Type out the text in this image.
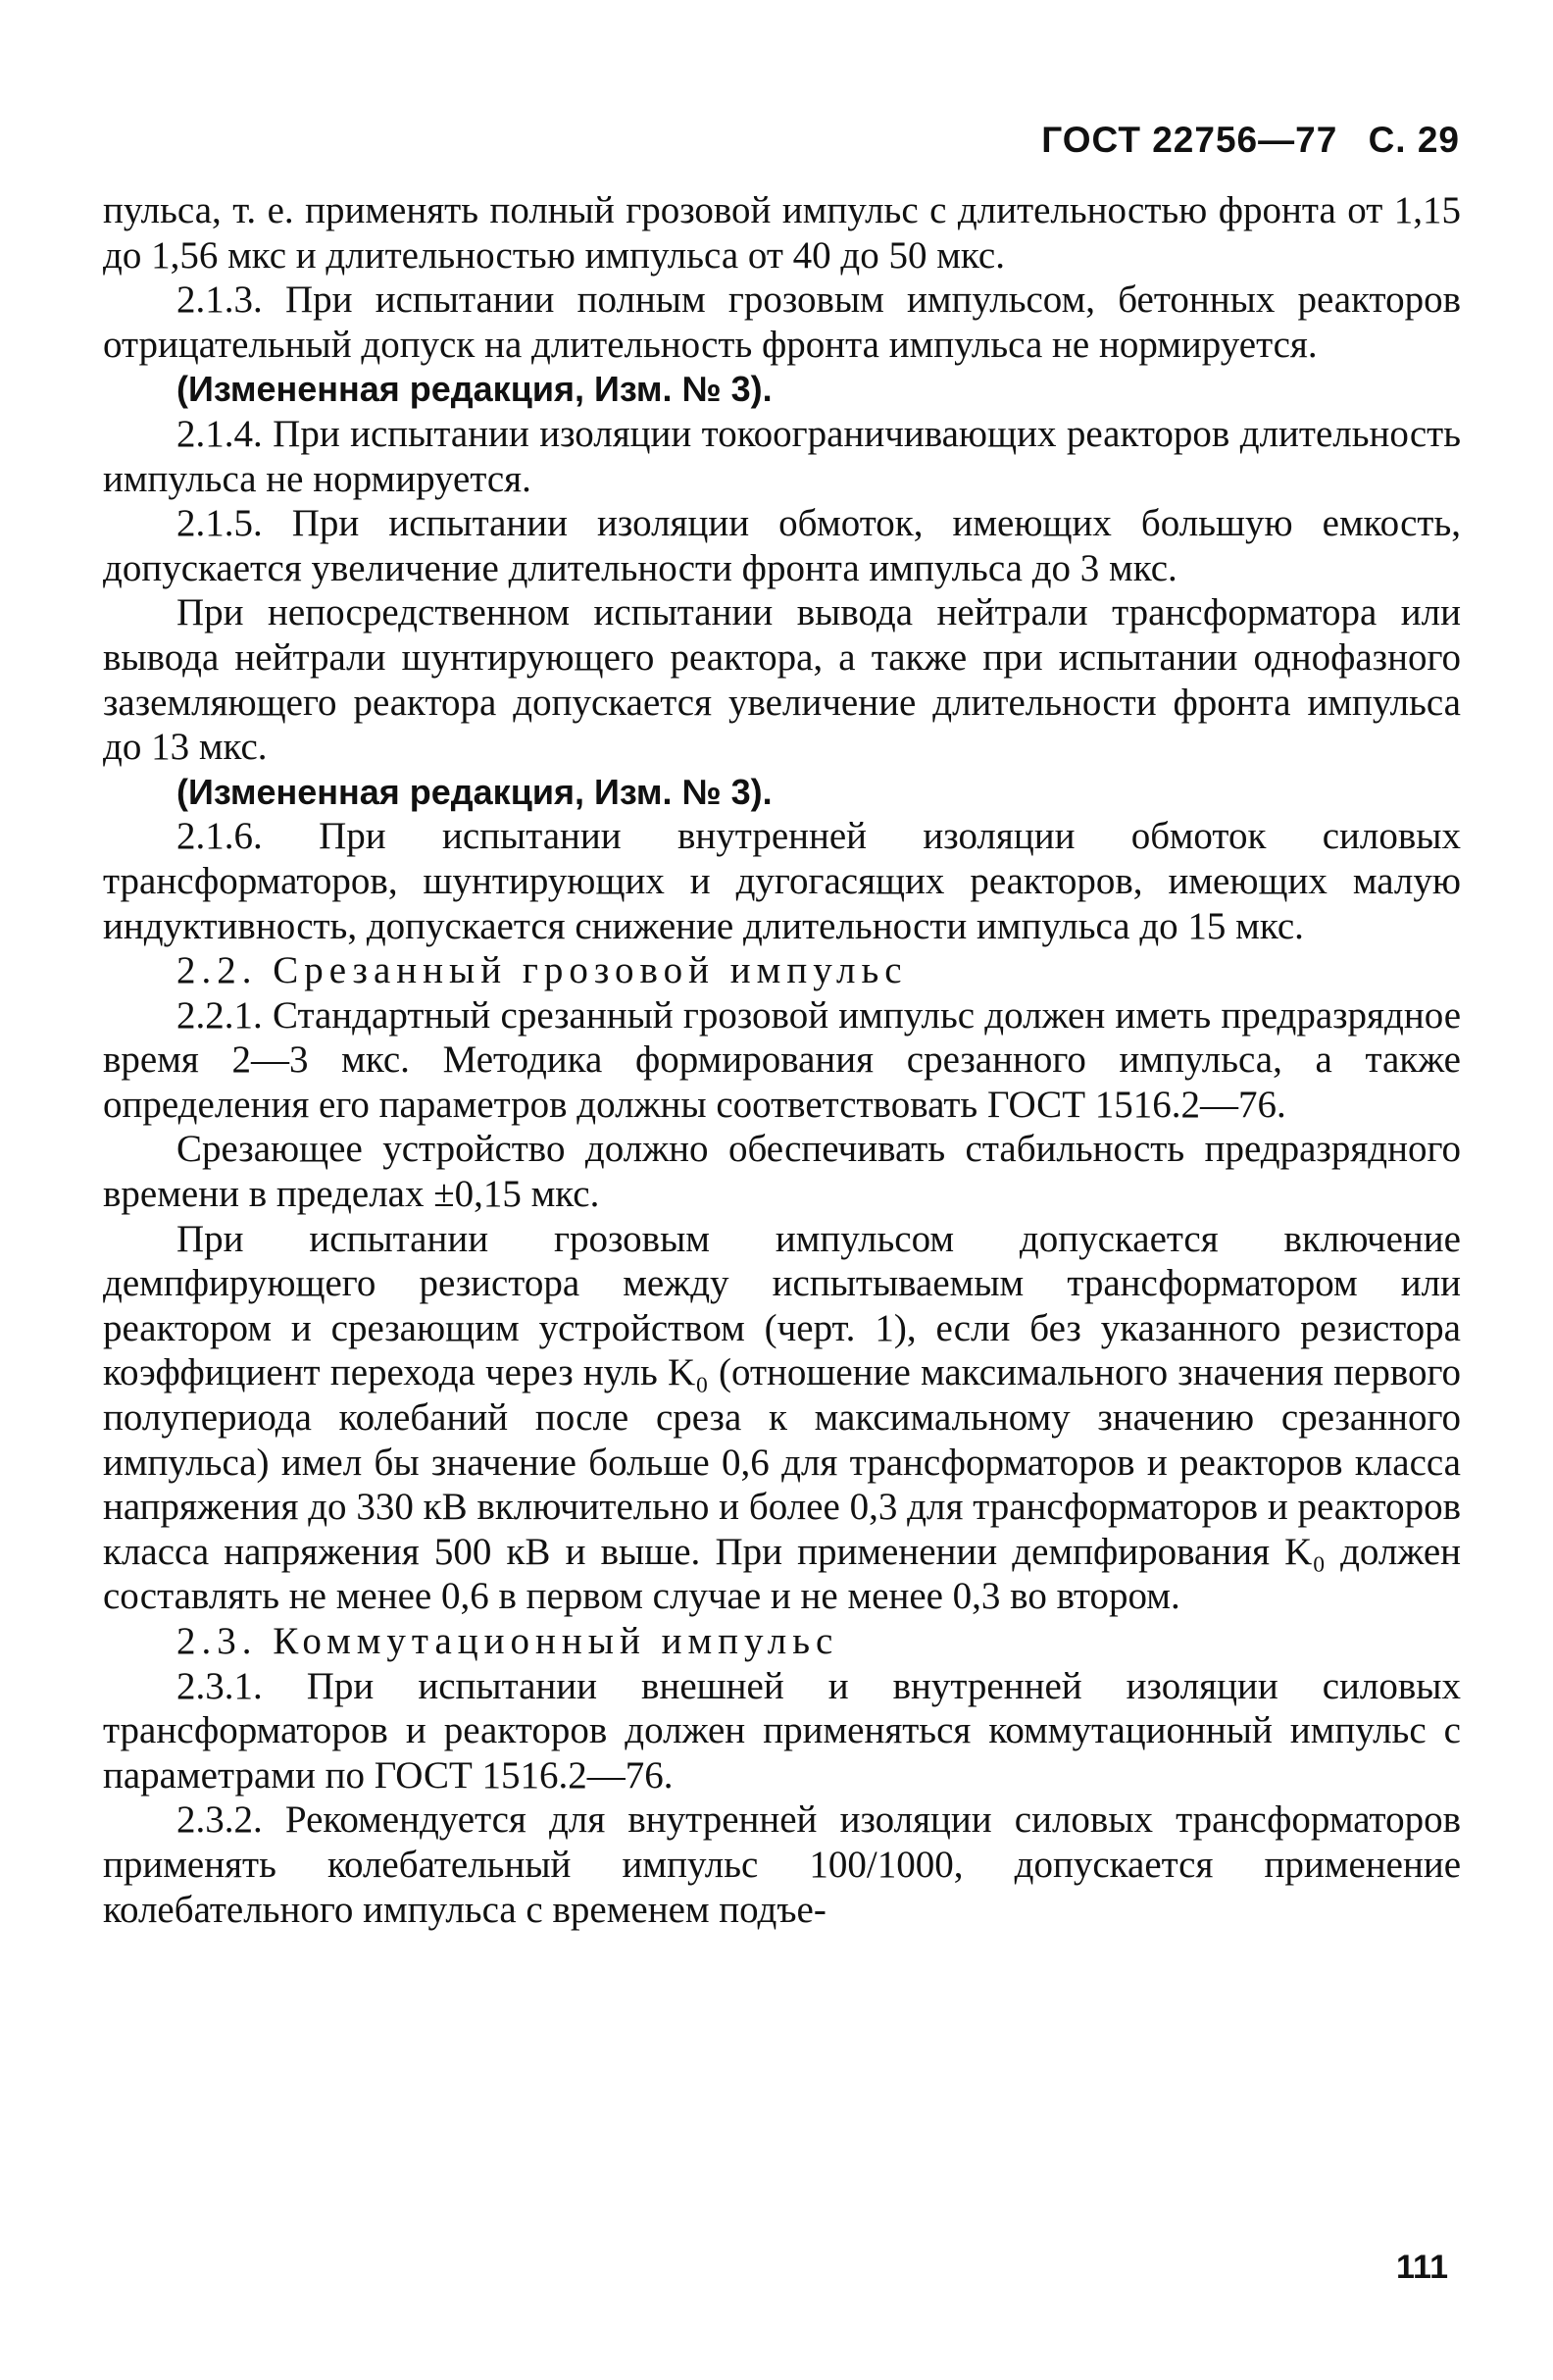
ГОСТ 22756—77 С. 29

пульса, т. е. применять полный грозовой импульс с длительностью фронта от 1,15 до 1,56 мкс и длительностью импульса от 40 до 50 мкс.

2.1.3. При испытании полным грозовым импульсом, бетонных реакторов отрицательный допуск на длительность фронта импульса не нормируется.

(Измененная редакция, Изм. № 3).

2.1.4. При испытании изоляции токоограничивающих реакторов длительность импульса не нормируется.

2.1.5. При испытании изоляции обмоток, имеющих большую емкость, допускается увеличение длительности фронта импульса до 3 мкс.

При непосредственном испытании вывода нейтрали трансформатора или вывода нейтрали шунтирующего реактора, а также при испытании однофазного заземляющего реактора допускается увеличение длительности фронта импульса до 13 мкс.

(Измененная редакция, Изм. № 3).

2.1.6. При испытании внутренней изоляции обмоток силовых трансформаторов, шунтирующих и дугогасящих реакторов, имеющих малую индуктивность, допускается снижение длительности импульса до 15 мкс.

2.2. Срезанный грозовой импульс

2.2.1. Стандартный срезанный грозовой импульс должен иметь предразрядное время 2—3 мкс. Методика формирования срезанного импульса, а также определения его параметров должны соответствовать ГОСТ 1516.2—76.

Срезающее устройство должно обеспечивать стабильность предразрядного времени в пределах ±0,15 мкс.

При испытании грозовым импульсом допускается включение демпфирующего резистора между испытываемым трансформатором или реактором и срезающим устройством (черт. 1), если без указанного резистора коэффициент перехода через нуль K₀ (отношение максимального значения первого полупериода колебаний после среза к максимальному значению срезанного импульса) имел бы значение больше 0,6 для трансформаторов и реакторов класса напряжения до 330 кВ включительно и более 0,3 для трансформаторов и реакторов класса напряжения 500 кВ и выше. При применении демпфирования K₀ должен составлять не менее 0,6 в первом случае и не менее 0,3 во втором.

2.3. Коммутационный импульс

2.3.1. При испытании внешней и внутренней изоляции силовых трансформаторов и реакторов должен применяться коммутационный импульс с параметрами по ГОСТ 1516.2—76.

2.3.2. Рекомендуется для внутренней изоляции силовых трансформаторов применять колебательный импульс 100/1000, допускается применение колебательного импульса с временем подъе-

111
